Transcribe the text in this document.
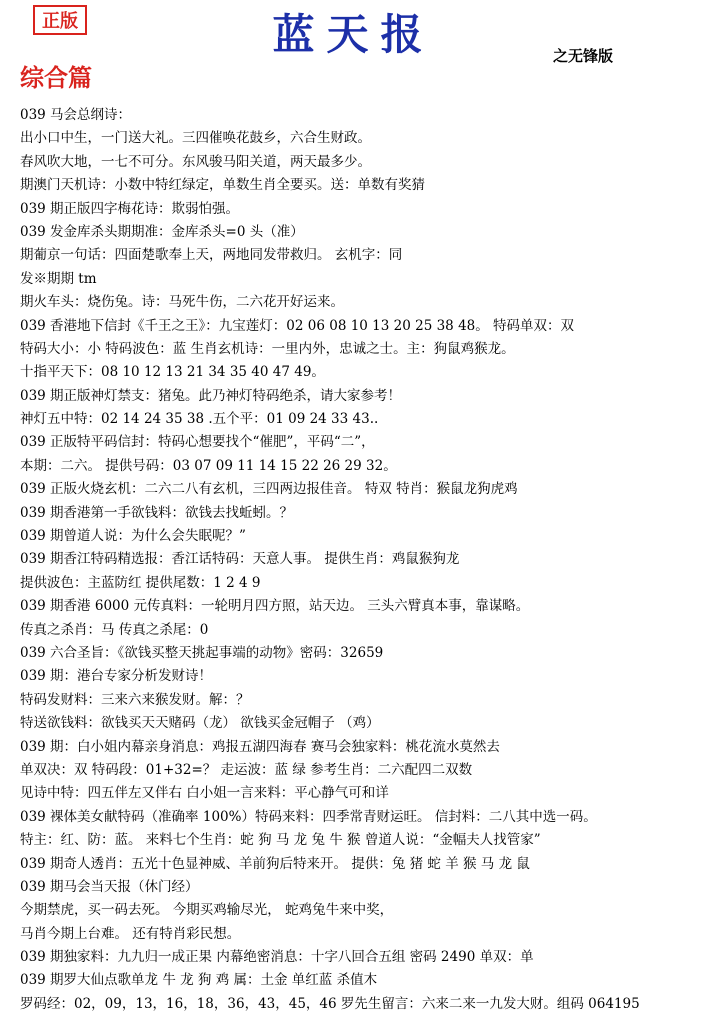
正版	蓝天报	之无锋版
综合篇
039 马会总纲诗：
出小口中生，一门送大礼。三四催唤花鼓乡，六合生财政。
春风吹大地，一七不可分。东风骏马阳关道，两天最多少。
期澳门天机诗：小数中特红绿定，单数生肖全要买。送：单数有奖猜
039 期正版四字梅花诗：欺弱怕强。
039 发金库杀头期期准：金库杀头=0 头（准）
期葡京一句话：四面楚歌奉上天，两地同发带救归。 玄机字：同
发※期期 tm
期火车头：烧伤兔。诗：马死牛伤，二六花开好运来。
039 香港地下信封《千王之王》：九宝莲灯：02 06 08 10 13 20 25 38 48。 特码单双：双
特码大小：小 特码波色：蓝 生肖玄机诗：一里内外，忠诚之士。主：狗鼠鸡猴龙。
十指平天下：08 10 12 13 21 34 35 40 47 49。
039 期正版神灯禁支：猪兔。此乃神灯特码绝杀，请大家参考！
神灯五中特：02 14 24 35 38 .五个平：01 09 24 33 43..
039 正版特平码信封：特码心想要找个“催肥”，平码“二”，
本期：二六。 提供号码：03 07 09 11 14 15 22 26 29 32。
039 正版火烧玄机：二六二八有玄机，三四两边报佳音。 特双 特肖：猴鼠龙狗虎鸡
039 期香港第一手欲钱料：欲钱去找蚯蚓。？
039 期曾道人说：为什么会失眠呢？”
039 期香江特码精选报：香江话特码：天意人事。 提供生肖：鸡鼠猴狗龙
提供波色：主蓝防红 提供尾数：1 2 4 9
039 期香港 6000 元传真料：一轮明月四方照，站天边。 三头六臂真本事，靠谋略。
传真之杀肖：马 传真之杀尾：0
039 六合圣旨：《欲钱买整天挑起事端的动物》密码：32659
039 期：港台专家分析发财诗！
特码发财料：三来六来猴发财。解：？
特送欲钱料：欲钱买天天赌码（龙） 欲钱买金冠帽子 （鸡）
039 期：白小姐内幕亲身消息：鸡报五湖四海春 赛马会独家料：桃花流水莫然去
单双决：双 特码段：01+32=？ 走运波：蓝 绿 参考生肖：二六配四二双数
见诗中特：四五伴左又伴右 白小姐一言来料：平心静气可和详
039 裸体美女献特码（准确率 100%）特码来料：四季常青财运旺。 信封料：二八其中选一码。
特主：红、防：蓝。 来料七个生肖：蛇 狗 马 龙 兔 牛 猴 曾道人说：“金幅夫人找管家”
039 期奇人透肖：五光十色显神威、羊前狗后特来开。 提供：兔 猪 蛇 羊 猴 马 龙 鼠
039 期马会当天报（休门经）
今期禁虎，买一码去死。 今期买鸡输尽光， 蛇鸡兔牛来中奖，
马肖今期上台难。 还有特肖彩民想。
039 期独家料：九九归一成正果 内幕绝密消息：十字八回合五组 密码 2490 单双：单
039 期罗大仙点歌单龙 牛 龙 狗 鸡 属：土金 单红蓝 杀值木
罗码经：02，09，13，16，18，36，43，45，46 罗先生留言：六来二来一九发大财。组码 064195
